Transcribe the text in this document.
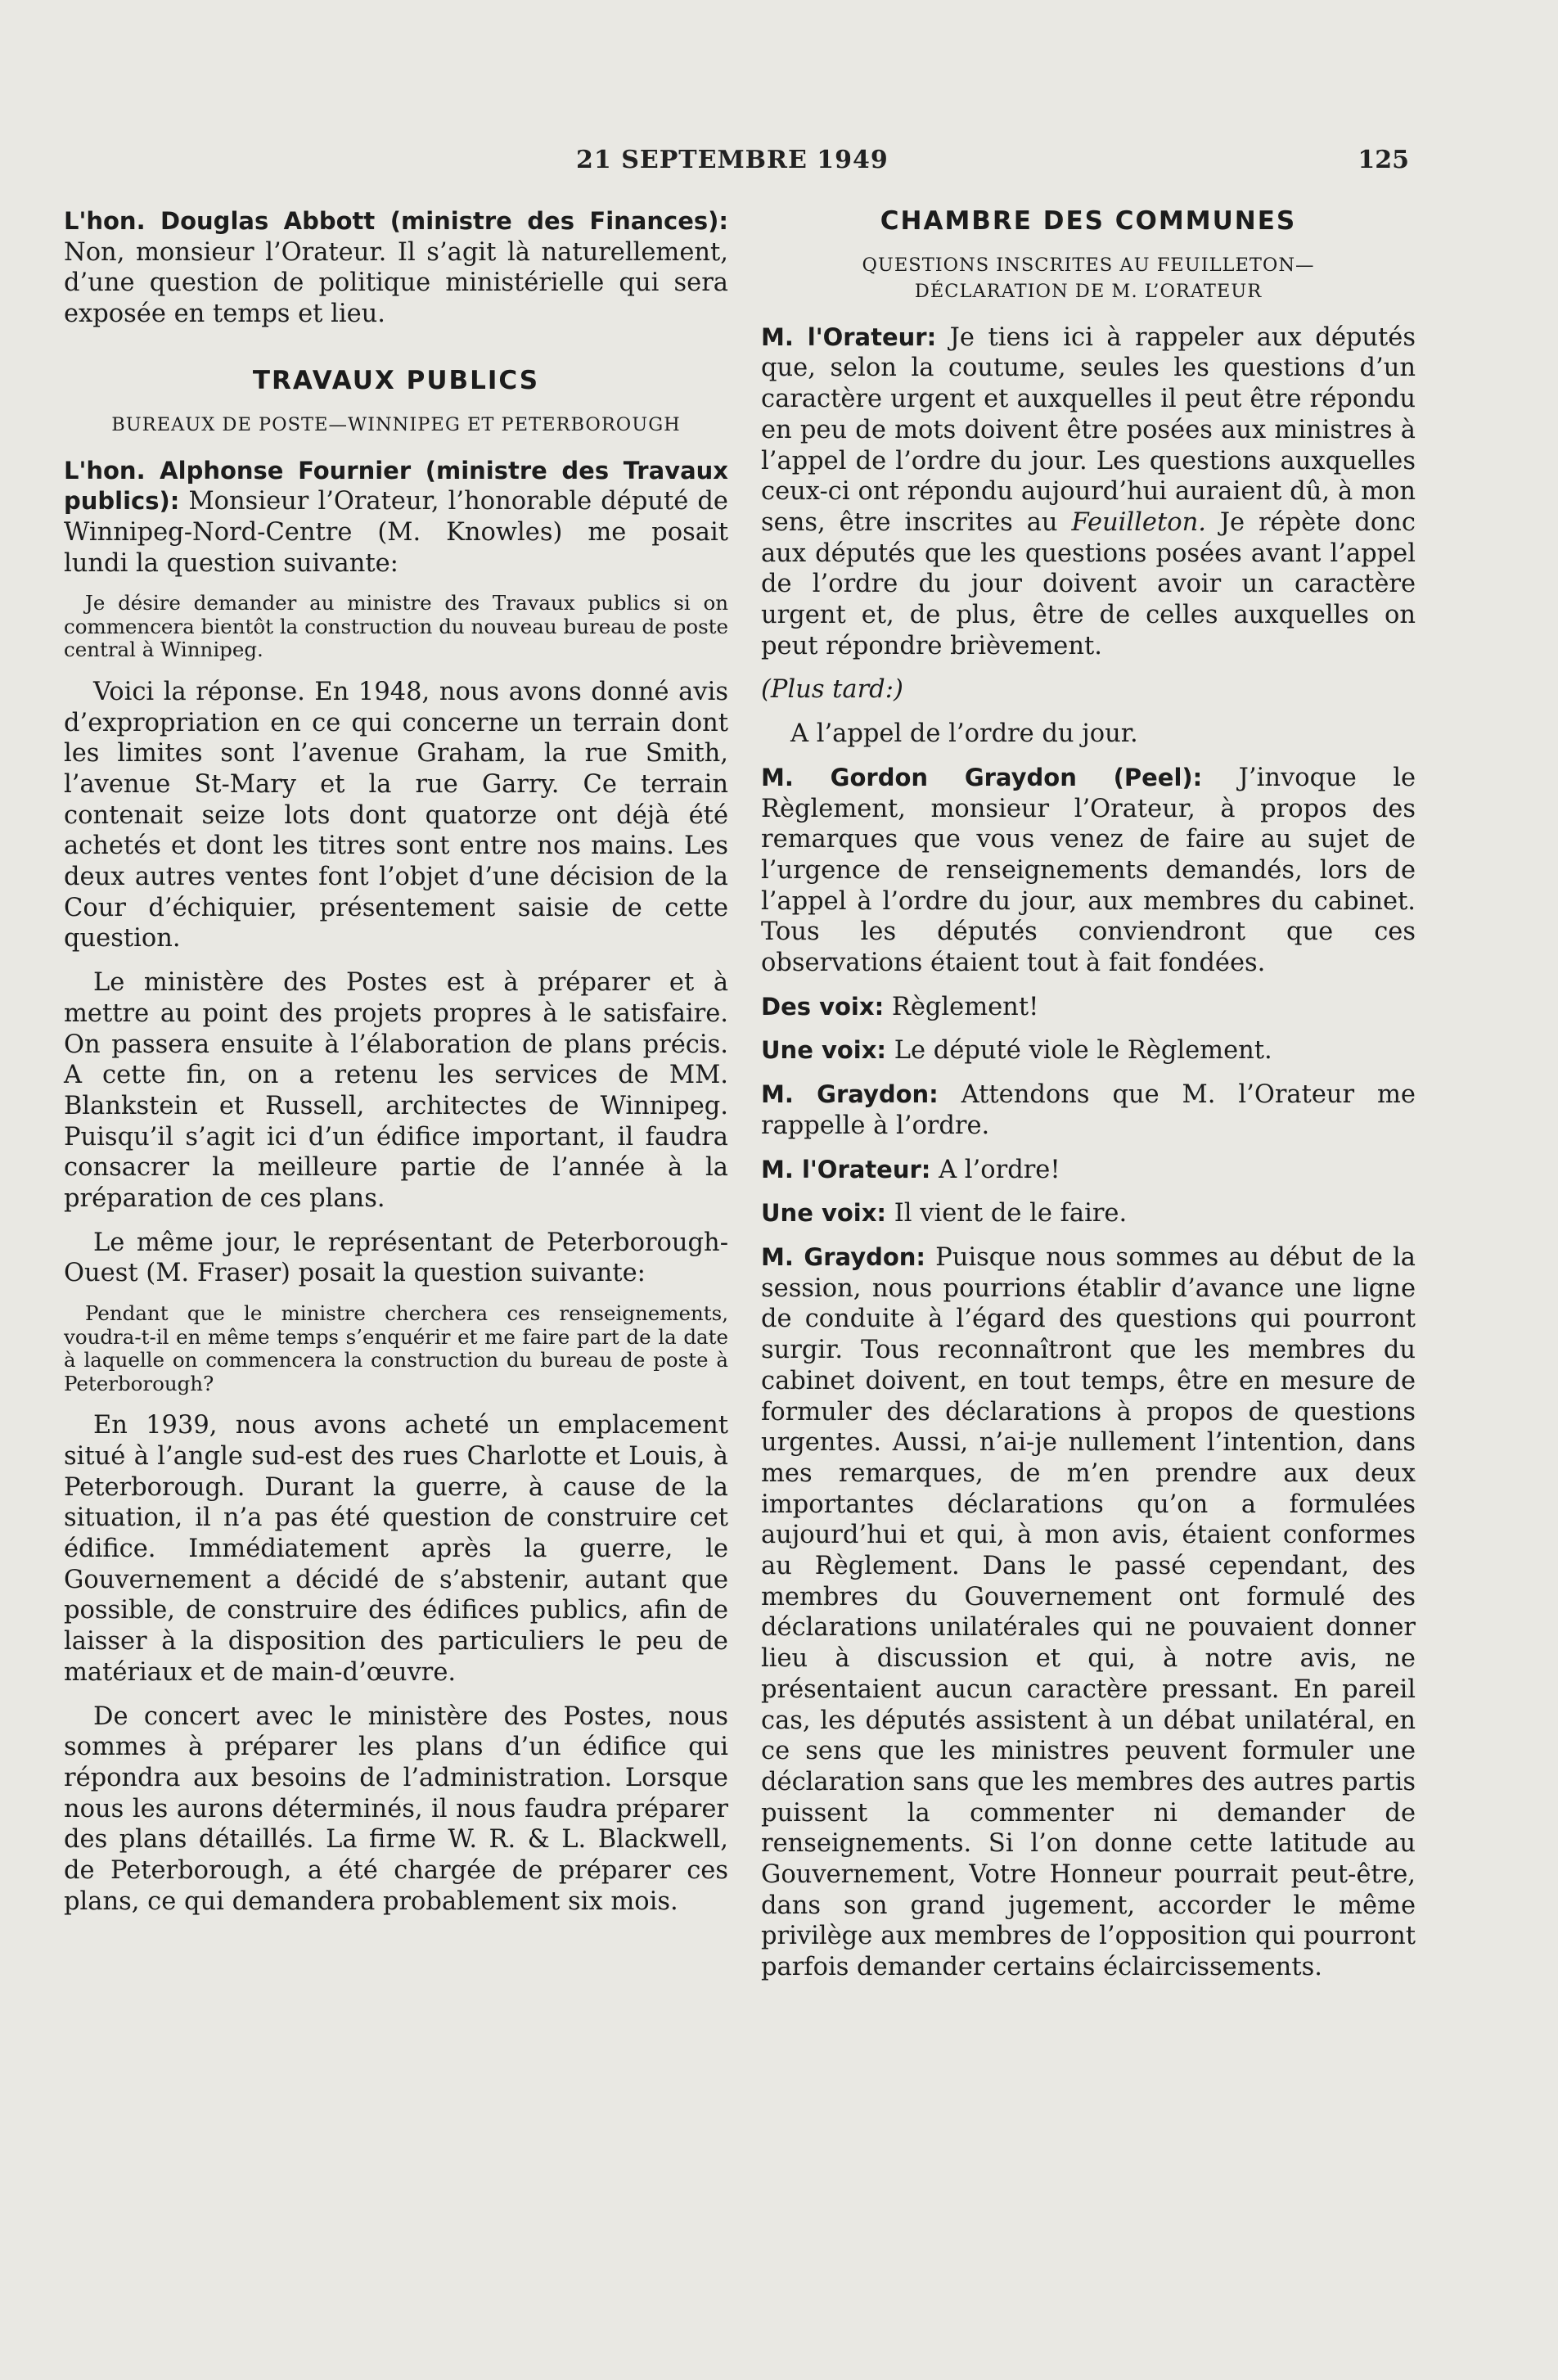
21 SEPTEMBRE 1949	125

L'hon. Douglas Abbott (ministre des Finances): Non, monsieur l’Orateur. Il s’agit là naturellement, d’une question de politique ministérielle qui sera exposée en temps et lieu.

TRAVAUX PUBLICS
BUREAUX DE POSTE—WINNIPEG ET PETERBOROUGH

L'hon. Alphonse Fournier (ministre des Travaux publics): Monsieur l’Orateur, l’honorable député de Winnipeg-Nord-Centre (M. Knowles) me posait lundi la question suivante:

Je désire demander au ministre des Travaux publics si on commencera bientôt la construction du nouveau bureau de poste central à Winnipeg.

Voici la réponse. En 1948, nous avons donné avis d’expropriation en ce qui concerne un terrain dont les limites sont l’avenue Graham, la rue Smith, l’avenue St-Mary et la rue Garry. Ce terrain contenait seize lots dont quatorze ont déjà été achetés et dont les titres sont entre nos mains. Les deux autres ventes font l’objet d’une décision de la Cour d’échiquier, présentement saisie de cette question.

Le ministère des Postes est à préparer et à mettre au point des projets propres à le satisfaire. On passera ensuite à l’élaboration de plans précis. A cette fin, on a retenu les services de MM. Blankstein et Russell, architectes de Winnipeg. Puisqu’il s’agit ici d’un édifice important, il faudra consacrer la meilleure partie de l’année à la préparation de ces plans.

Le même jour, le représentant de Peterborough-Ouest (M. Fraser) posait la question suivante:

Pendant que le ministre cherchera ces renseignements, voudra-t-il en même temps s’enquérir et me faire part de la date à laquelle on commencera la construction du bureau de poste à Peterborough?

En 1939, nous avons acheté un emplacement situé à l’angle sud-est des rues Charlotte et Louis, à Peterborough. Durant la guerre, à cause de la situation, il n’a pas été question de construire cet édifice. Immédiatement après la guerre, le Gouvernement a décidé de s’abstenir, autant que possible, de construire des édifices publics, afin de laisser à la disposition des particuliers le peu de matériaux et de main-d’œuvre.

De concert avec le ministère des Postes, nous sommes à préparer les plans d’un édifice qui répondra aux besoins de l’administration. Lorsque nous les aurons déterminés, il nous faudra préparer des plans détaillés. La firme W. R. & L. Blackwell, de Peterborough, a été chargée de préparer ces plans, ce qui demandera probablement six mois.

CHAMBRE DES COMMUNES
QUESTIONS INSCRITES AU FEUILLETON—
DÉCLARATION DE M. L’ORATEUR

M. l'Orateur: Je tiens ici à rappeler aux députés que, selon la coutume, seules les questions d’un caractère urgent et auxquelles il peut être répondu en peu de mots doivent être posées aux ministres à l’appel de l’ordre du jour. Les questions auxquelles ceux-ci ont répondu aujourd’hui auraient dû, à mon sens, être inscrites au Feuilleton. Je répète donc aux députés que les questions posées avant l’appel de l’ordre du jour doivent avoir un caractère urgent et, de plus, être de celles auxquelles on peut répondre brièvement.

(Plus tard:)

A l’appel de l’ordre du jour.

M. Gordon Graydon (Peel): J’invoque le Règlement, monsieur l’Orateur, à propos des remarques que vous venez de faire au sujet de l’urgence de renseignements demandés, lors de l’appel à l’ordre du jour, aux membres du cabinet. Tous les députés conviendront que ces observations étaient tout à fait fondées.

Des voix: Règlement!

Une voix: Le député viole le Règlement.

M. Graydon: Attendons que M. l’Orateur me rappelle à l’ordre.

M. l'Orateur: A l’ordre!

Une voix: Il vient de le faire.

M. Graydon: Puisque nous sommes au début de la session, nous pourrions établir d’avance une ligne de conduite à l’égard des questions qui pourront surgir. Tous reconnaîtront que les membres du cabinet doivent, en tout temps, être en mesure de formuler des déclarations à propos de questions urgentes. Aussi, n’ai-je nullement l’intention, dans mes remarques, de m’en prendre aux deux importantes déclarations qu’on a formulées aujourd’hui et qui, à mon avis, étaient conformes au Règlement. Dans le passé cependant, des membres du Gouvernement ont formulé des déclarations unilatérales qui ne pouvaient donner lieu à discussion et qui, à notre avis, ne présentaient aucun caractère pressant. En pareil cas, les députés assistent à un débat unilatéral, en ce sens que les ministres peuvent formuler une déclaration sans que les membres des autres partis puissent la commenter ni demander de renseignements. Si l’on donne cette latitude au Gouvernement, Votre Honneur pourrait peut-être, dans son grand jugement, accorder le même privilège aux membres de l’opposition qui pourront parfois demander certains éclaircissements.
